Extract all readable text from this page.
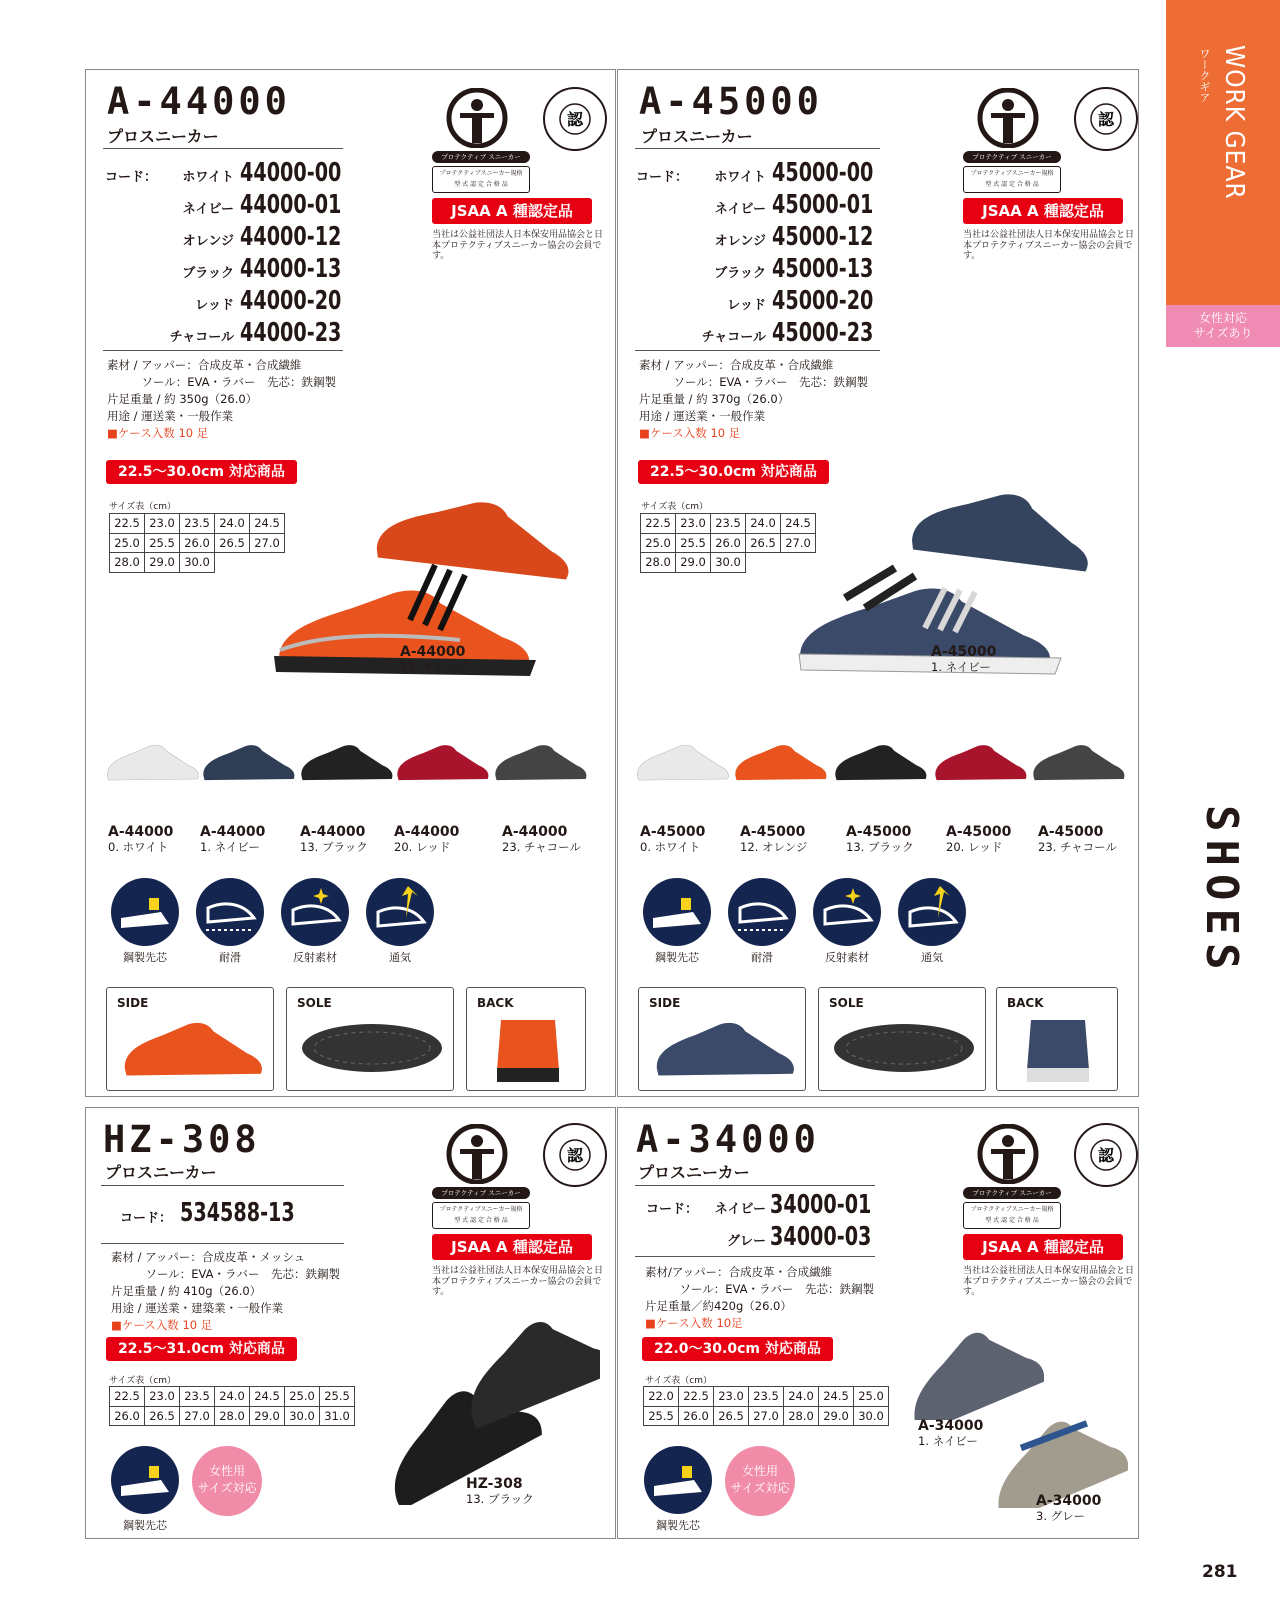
WORK GEAR
ワークギア
女性対応
サイズあり
SHOES
281
A-44000
プロスニーカー
コード： ホワイト 44000-00
ネイビー 44000-01
オレンジ 44000-12
ブラック 44000-13
レッド 44000-20
チャコール 44000-23
素材 / アッパー：合成皮革・合成繊維
　　　ソール：EVA・ラバー　先芯：鉄鋼製
片足重量 / 約 350g（26.0）
用途 / 運送業・一般作業
■ケース入数 10 足
22.5～30.0cm 対応商品
サイズ表（cm）
22.5	23.0	23.5	24.0	24.5
25.0	25.5	26.0	26.5	27.0
28.0	29.0	30.0		
認
プロテクティブ スニーカー
プロテクティブスニーカー規格
型 式 認 定 合 格 品
JSAA A 種認定品
当社は公益社団法人日本保安用品協会と日本プロテクティブスニーカー協会の会員です。
A-44000
12. オレンジ
A-44000
0. ホワイト
A-44000
1. ネイビー
A-44000
13. ブラック
A-44000
20. レッド
A-44000
23. チャコール
鋼製先芯	耐滑	反射素材	通気
SIDE	SOLE	BACK
A-45000
プロスニーカー
コード： ホワイト 45000-00
ネイビー 45000-01
オレンジ 45000-12
ブラック 45000-13
レッド 45000-20
チャコール 45000-23
素材 / アッパー：合成皮革・合成繊維
　　　ソール：EVA・ラバー　先芯：鉄鋼製
片足重量 / 約 370g（26.0）
用途 / 運送業・一般作業
■ケース入数 10 足
22.5～30.0cm 対応商品
サイズ表（cm）
22.5	23.0	23.5	24.0	24.5
25.0	25.5	26.0	26.5	27.0
28.0	29.0	30.0		
認
プロテクティブ スニーカー
プロテクティブスニーカー規格
型 式 認 定 合 格 品
JSAA A 種認定品
当社は公益社団法人日本保安用品協会と日本プロテクティブスニーカー協会の会員です。
A-45000
1. ネイビー
A-45000
0. ホワイト
A-45000
12. オレンジ
A-45000
13. ブラック
A-45000
20. レッド
A-45000
23. チャコール
鋼製先芯	耐滑	反射素材	通気
SIDE	SOLE	BACK
HZ-308
プロスニーカー
コード： 534588-13
素材 / アッパー：合成皮革・メッシュ
　　　ソール：EVA・ラバー　先芯：鉄鋼製
片足重量 / 約 410g（26.0）
用途 / 運送業・建築業・一般作業
■ケース入数 10 足
22.5～31.0cm 対応商品
サイズ表（cm）
22.5	23.0	23.5	24.0	24.5	25.0	25.5
26.0	26.5	27.0	28.0	29.0	30.0	31.0
認
プロテクティブ スニーカー
プロテクティブスニーカー規格
型 式 認 定 合 格 品
JSAA A 種認定品
当社は公益社団法人日本保安用品協会と日本プロテクティブスニーカー協会の会員です。
HZ-308
13. ブラック
鋼製先芯
女性用
サイズ対応
A-34000
プロスニーカー
コード： ネイビー 34000-01
グレー 34000-03
素材/アッパー：合成皮革・合成繊維
　　　ソール：EVA・ラバー　先芯：鉄鋼製
片足重量／約420g（26.0）
■ケース入数 10足
22.0～30.0cm 対応商品
サイズ表（cm）
22.0	22.5	23.0	23.5	24.0	24.5	25.0
25.5	26.0	26.5	27.0	28.0	29.0	30.0
認
プロテクティブ スニーカー
プロテクティブスニーカー規格
型 式 認 定 合 格 品
JSAA A 種認定品
当社は公益社団法人日本保安用品協会と日本プロテクティブスニーカー協会の会員です。
A-34000
1. ネイビー
A-34000
3. グレー
鋼製先芯
女性用
サイズ対応
